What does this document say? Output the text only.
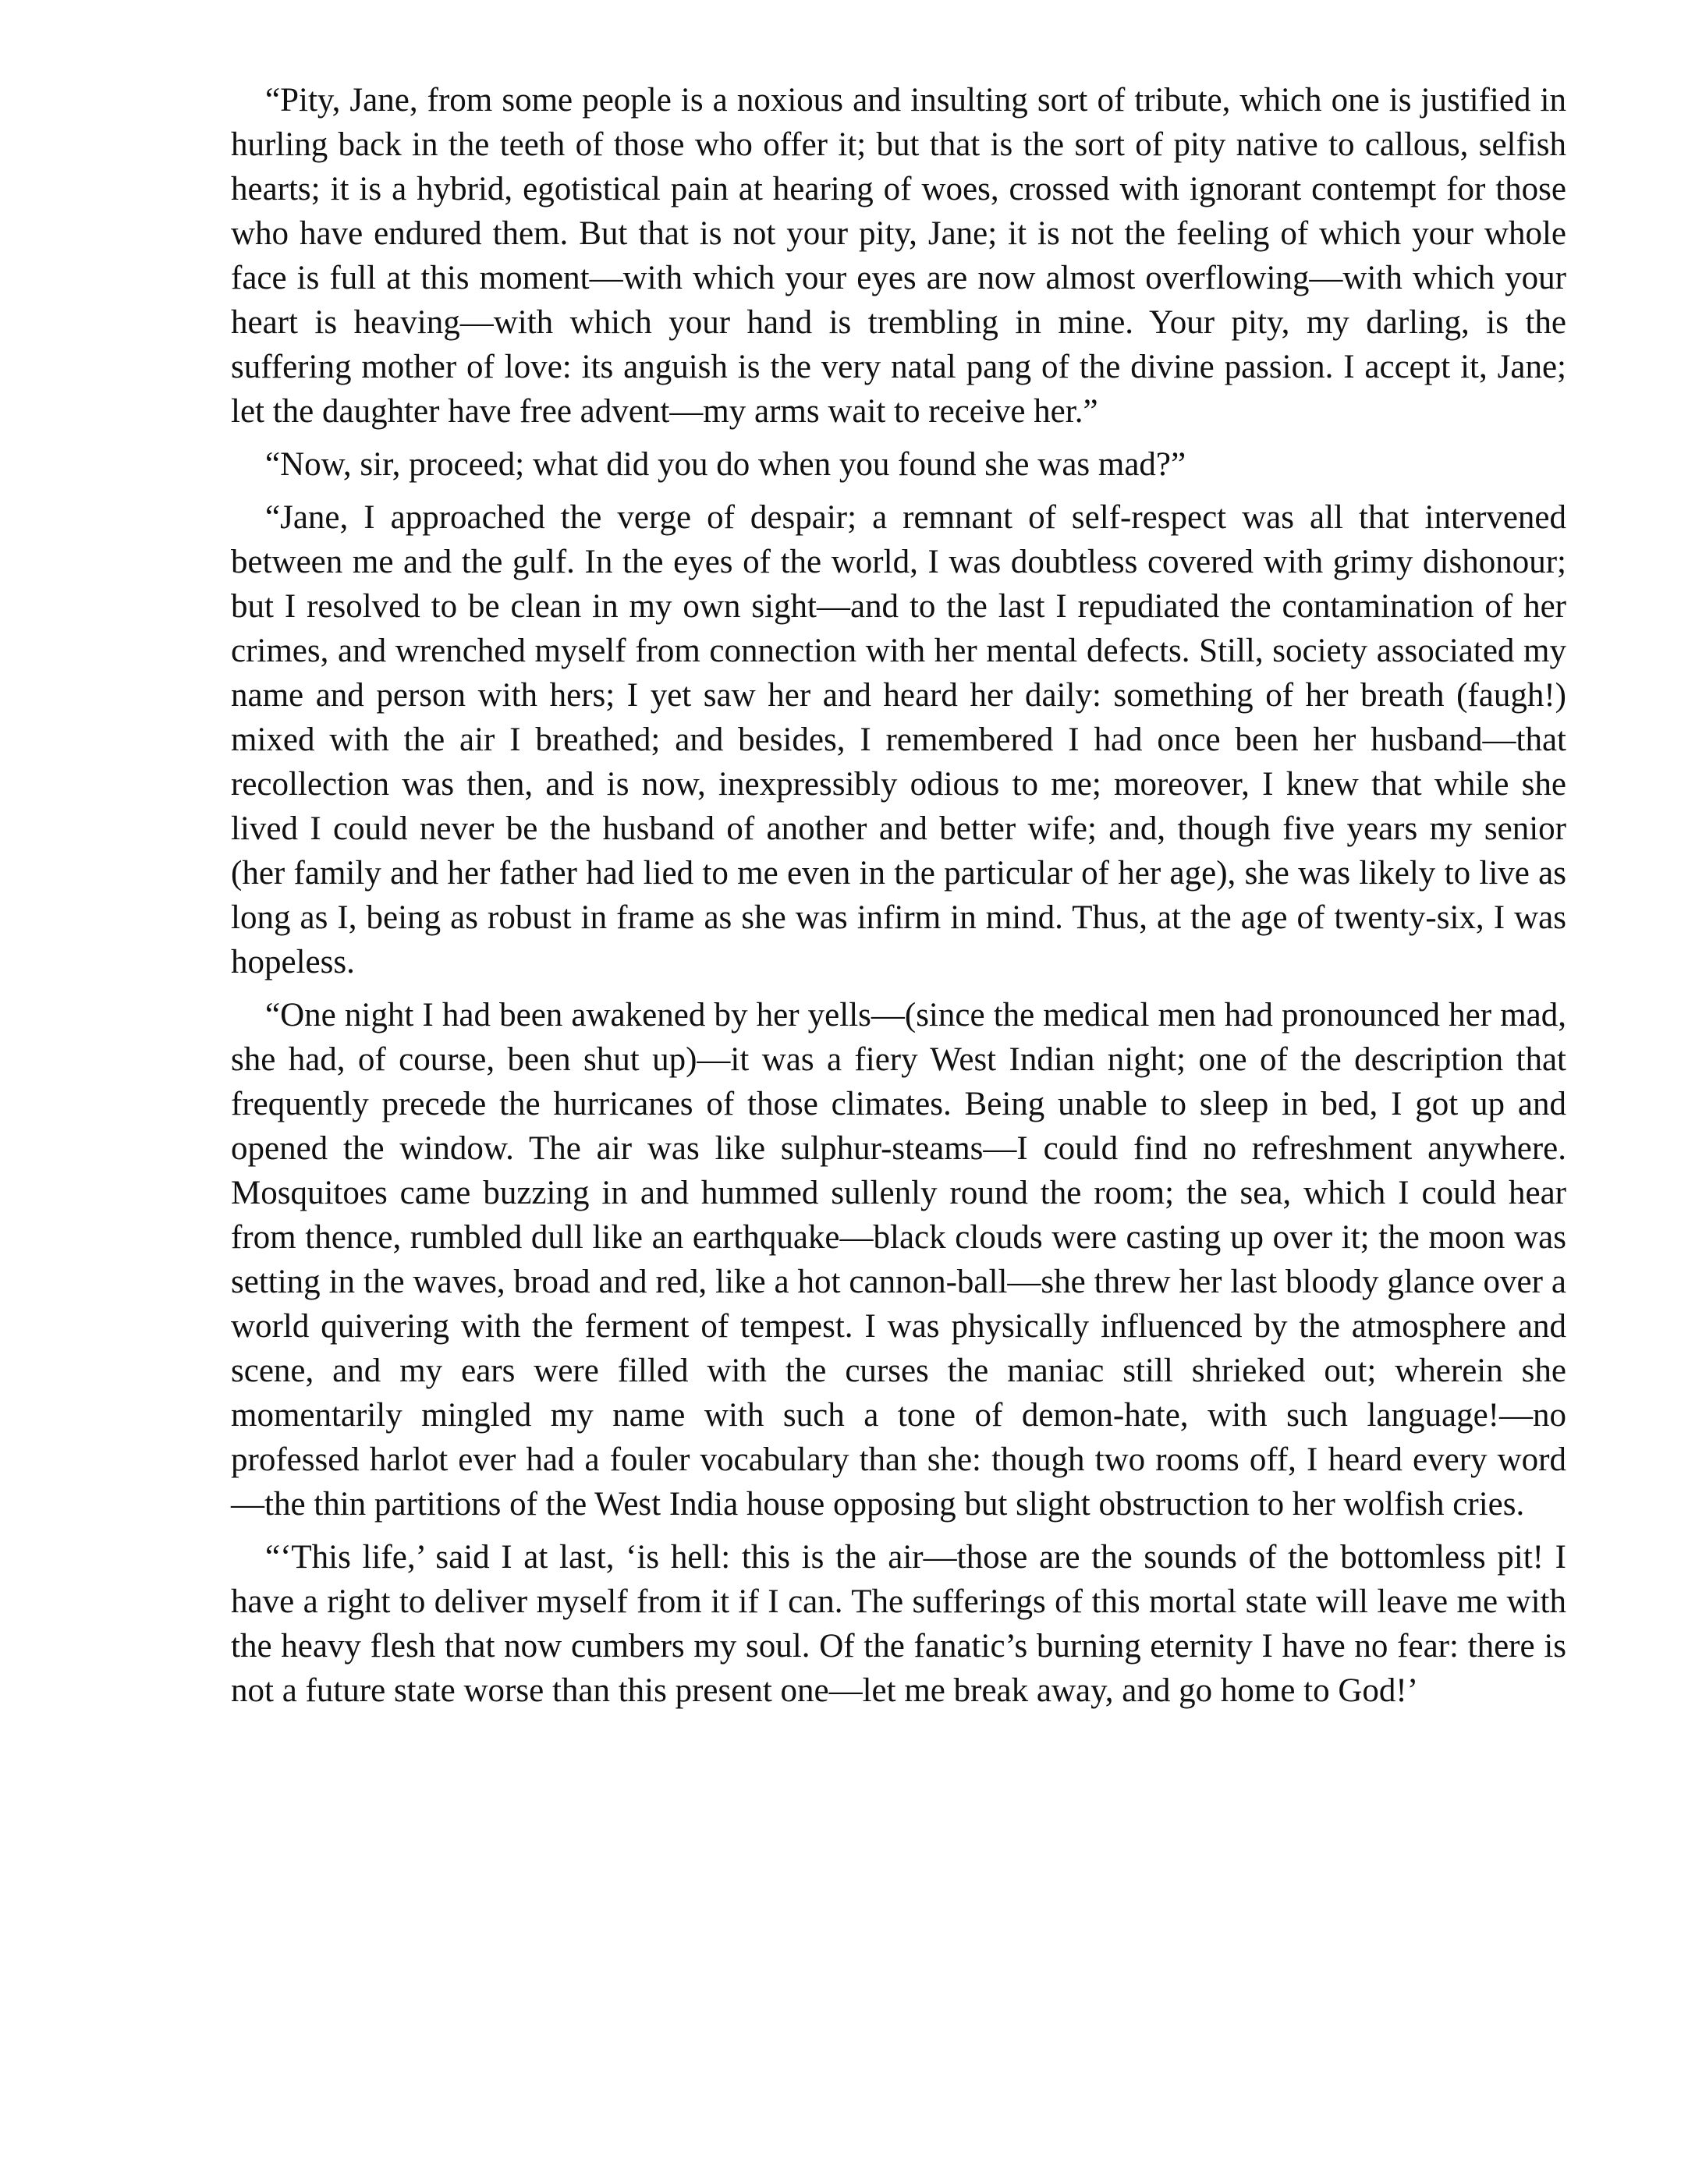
“Pity, Jane, from some people is a noxious and insulting sort of tribute, which one is justified in hurling back in the teeth of those who offer it; but that is the sort of pity native to callous, selfish hearts; it is a hybrid, egotistical pain at hearing of woes, crossed with ignorant contempt for those who have endured them. But that is not your pity, Jane; it is not the feeling of which your whole face is full at this moment—with which your eyes are now almost overflowing—with which your heart is heaving—with which your hand is trembling in mine. Your pity, my darling, is the suffering mother of love: its anguish is the very natal pang of the divine passion. I accept it, Jane; let the daughter have free advent—my arms wait to receive her.”

“Now, sir, proceed; what did you do when you found she was mad?”

“Jane, I approached the verge of despair; a remnant of self-respect was all that intervened between me and the gulf. In the eyes of the world, I was doubtless covered with grimy dishonour; but I resolved to be clean in my own sight—and to the last I repudiated the contamination of her crimes, and wrenched myself from connection with her mental defects. Still, society associated my name and person with hers; I yet saw her and heard her daily: something of her breath (faugh!) mixed with the air I breathed; and besides, I remembered I had once been her husband—that recollection was then, and is now, inexpressibly odious to me; moreover, I knew that while she lived I could never be the husband of another and better wife; and, though five years my senior (her family and her father had lied to me even in the particular of her age), she was likely to live as long as I, being as robust in frame as she was infirm in mind. Thus, at the age of twenty-six, I was hopeless.

“One night I had been awakened by her yells—(since the medical men had pronounced her mad, she had, of course, been shut up)—it was a fiery West Indian night; one of the description that frequently precede the hurricanes of those climates. Being unable to sleep in bed, I got up and opened the window. The air was like sulphur-steams—I could find no refreshment anywhere. Mosquitoes came buzzing in and hummed sullenly round the room; the sea, which I could hear from thence, rumbled dull like an earthquake—black clouds were casting up over it; the moon was setting in the waves, broad and red, like a hot cannon-ball—she threw her last bloody glance over a world quivering with the ferment of tempest. I was physically influenced by the atmosphere and scene, and my ears were filled with the curses the maniac still shrieked out; wherein she momentarily mingled my name with such a tone of demon-hate, with such language!—no professed harlot ever had a fouler vocabulary than she: though two rooms off, I heard every word—the thin partitions of the West India house opposing but slight obstruction to her wolfish cries.

“‘This life,’ said I at last, ‘is hell: this is the air—those are the sounds of the bottomless pit! I have a right to deliver myself from it if I can. The sufferings of this mortal state will leave me with the heavy flesh that now cumbers my soul. Of the fanatic’s burning eternity I have no fear: there is not a future state worse than this present one—let me break away, and go home to God!’
